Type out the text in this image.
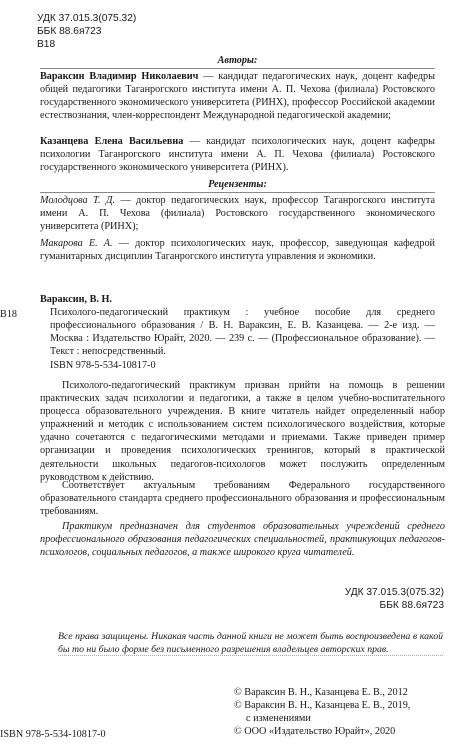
УДК 37.015.3(075.32)
ББК 88.6я723
В18
Авторы:

Вараксин Владимир Николаевич — кандидат педагогических наук, доцент кафедры общей педагогики Таганрогского института имени А. П. Чехова (филиала) Ростовского государственного экономического университета (РИНХ), профессор Российской академии естествознания, член-корреспондент Международной педагогической академии;

Казанцева Елена Васильевна — кандидат психологических наук, доцент кафедры психологии Таганрогского института имени А. П. Чехова (филиала) Ростовского государственного экономического университета (РИНХ).

Рецензенты:

Молодцова Т. Д. — доктор педагогических наук, профессор Таганрогского института имени А. П. Чехова (филиала) Ростовского государственного экономического университета (РИНХ);

Макарова Е. А. — доктор психологических наук, профессор, заведующая кафедрой гуманитарных дисциплин Таганрогского института управления и экономики.

В18
Вараксин, В. Н.

Психолого-педагогический практикум : учебное пособие для среднего профессионального образования / В. Н. Вараксин, Е. В. Казанцева. — 2-е изд. — Москва : Издательство Юрайт, 2020. — 239 с. — (Профессиональное образование). — Текст : непосредственный.

ISBN 978-5-534-10817-0

Психолого-педагогический практикум призван прийти на помощь в решении практических задач психологии и педагогики, а также в целом учебно-воспитательного процесса образовательного учреждения. В книге читатель найдет определенный набор упражнений и методик с использованием систем психологического воздействия, которые удачно сочетаются с педагогическими методами и приемами. Также приведен пример организации и проведения психологических тренингов, который в практической деятельности школьных педагогов-психологов может послужить определенным руководством к действию.

Соответствует актуальным требованиям Федерального государственного образовательного стандарта среднего профессионального образования и профессиональным требованиям.

Практикум предназначен для студентов образовательных учреждений среднего профессионального образования педагогических специальностей, практикующих педагогов-психологов, социальных педагогов, а также широкого круга читателей.

УДК 37.015.3(075.32)
ББК 88.6я723

Все права защищены. Никакая часть данной книги не может быть воспроизведена в какой бы то ни было форме без письменного разрешения владельцев авторских прав.

ISBN 978-5-534-10817-0
© Вараксин В. Н., Казанцева Е. В., 2012
© Вараксин В. Н., Казанцева Е. В., 2019,
с изменениями
© ООО «Издательство Юрайт», 2020
